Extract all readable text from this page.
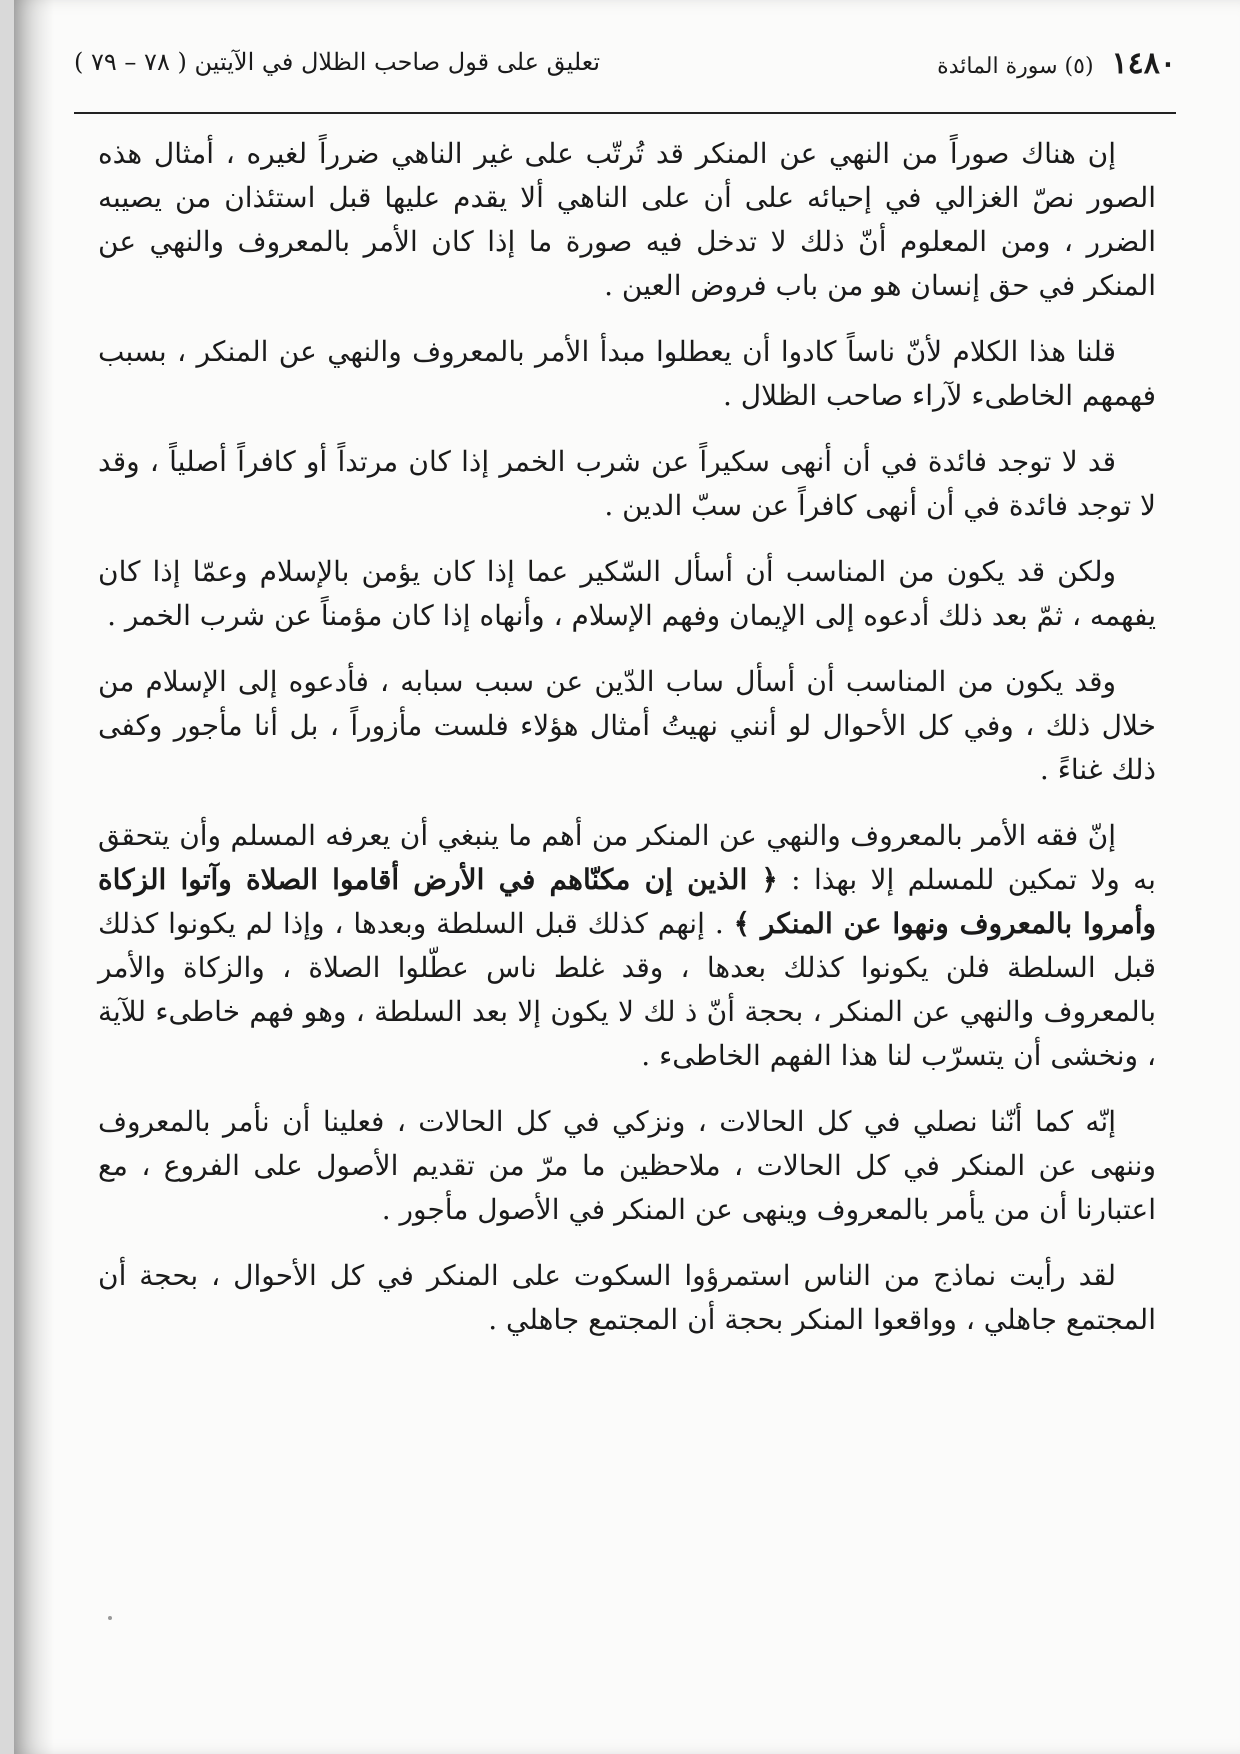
١٤٨٠
(٥) سورة المائدة
تعليق على قول صاحب الظلال في الآيتين ( ٧٨ – ٧٩ )

إن هناك صوراً من النهي عن المنكر قد تُرتّب على غير الناهي ضرراً لغيره ، أمثال هذه الصور نصّ الغزالي في إحيائه على أن على الناهي ألا يقدم عليها قبل استئذان من يصيبه الضرر ، ومن المعلوم أنّ ذلك لا تدخل فيه صورة ما إذا كان الأمر بالمعروف والنهي عن المنكر في حق إنسان هو من باب فروض العين .

قلنا هذا الكلام لأنّ ناساً كادوا أن يعطلوا مبدأ الأمر بالمعروف والنهي عن المنكر ، بسبب فهمهم الخاطىء لآراء صاحب الظلال .

قد لا توجد فائدة في أن أنهى سكيراً عن شرب الخمر إذا كان مرتداً أو كافراً أصلياً ، وقد لا توجد فائدة في أن أنهى كافراً عن سبّ الدين .

ولكن قد يكون من المناسب أن أسأل السّكير عما إذا كان يؤمن بالإسلام وعمّا إذا كان يفهمه ، ثمّ بعد ذلك أدعوه إلى الإيمان وفهم الإسلام ، وأنهاه إذا كان مؤمناً عن شرب الخمر .

وقد يكون من المناسب أن أسأل ساب الدّين عن سبب سبابه ، فأدعوه إلى الإسلام من خلال ذلك ، وفي كل الأحوال لو أنني نهيتُ أمثال هؤلاء فلست مأزوراً ، بل أنا مأجور وكفى ذلك غناءً .

إنّ فقه الأمر بالمعروف والنهي عن المنكر من أهم ما ينبغي أن يعرفه المسلم وأن يتحقق به ولا تمكين للمسلم إلا بهذا : ﴿ الذين إن مكنّاهم في الأرض أقاموا الصلاة وآتوا الزكاة وأمروا بالمعروف ونهوا عن المنكر ﴾ . إنهم كذلك قبل السلطة وبعدها ، وإذا لم يكونوا كذلك قبل السلطة فلن يكونوا كذلك بعدها ، وقد غلط ناس عطّلوا الصلاة ، والزكاة والأمر بالمعروف والنهي عن المنكر ، بحجة أنّ ذ لك لا يكون إلا بعد السلطة ، وهو فهم خاطىء للآية ، ونخشى أن يتسرّب لنا هذا الفهم الخاطىء .

إنّه كما أنّنا نصلي في كل الحالات ، ونزكي في كل الحالات ، فعلينا أن نأمر بالمعروف وننهى عن المنكر في كل الحالات ، ملاحظين ما مرّ من تقديم الأصول على الفروع ، مع اعتبارنا أن من يأمر بالمعروف وينهى عن المنكر في الأصول مأجور .

لقد رأيت نماذج من الناس استمرؤوا السكوت على المنكر في كل الأحوال ، بحجة أن المجتمع جاهلي ، وواقعوا المنكر بحجة أن المجتمع جاهلي .
